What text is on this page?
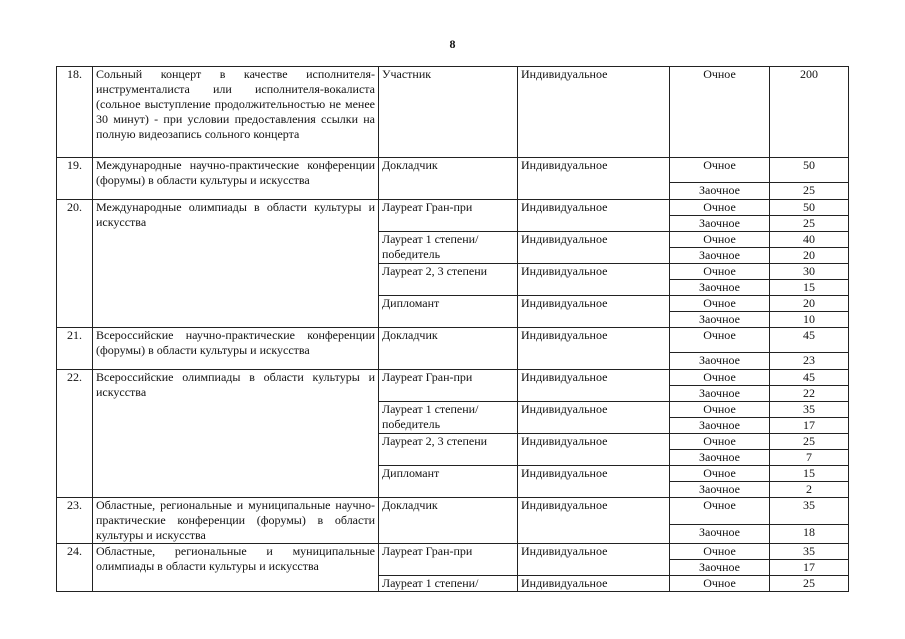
8
18.	Сольный концерт в качестве исполнителя-инструменталиста или исполнителя-вокалиста (сольное выступление продолжительностью не менее 30 минут) - при условии предоставления ссылки на полную видеозапись сольного концерта	Участник	Индивидуальное	Очное	200
19.	Международные научно-практические конференции (форумы) в области культуры и искусства	Докладчик	Индивидуальное	Очное	50
				Заочное	25
20.	Международные олимпиады в области культуры и искусства	Лауреат Гран-при	Индивидуальное	Очное	50
				Заочное	25
		Лауреат 1 степени/ победитель	Индивидуальное	Очное	40
				Заочное	20
		Лауреат 2, 3 степени	Индивидуальное	Очное	30
				Заочное	15
		Дипломант	Индивидуальное	Очное	20
				Заочное	10
21.	Всероссийские научно-практические конференции (форумы) в области культуры и искусства	Докладчик	Индивидуальное	Очное	45
				Заочное	23
22.	Всероссийские олимпиады в области культуры и искусства	Лауреат Гран-при	Индивидуальное	Очное	45
				Заочное	22
		Лауреат 1 степени/ победитель	Индивидуальное	Очное	35
				Заочное	17
		Лауреат 2, 3 степени	Индивидуальное	Очное	25
				Заочное	7
		Дипломант	Индивидуальное	Очное	15
				Заочное	2
23.	Областные, региональные и муниципальные научно-практические конференции (форумы) в области культуры и искусства	Докладчик	Индивидуальное	Очное	35
				Заочное	18
24.	Областные, региональные и муниципальные олимпиады в области культуры и искусства	Лауреат Гран-при	Индивидуальное	Очное	35
				Заочное	17
		Лауреат 1 степени/	Индивидуальное	Очное	25
